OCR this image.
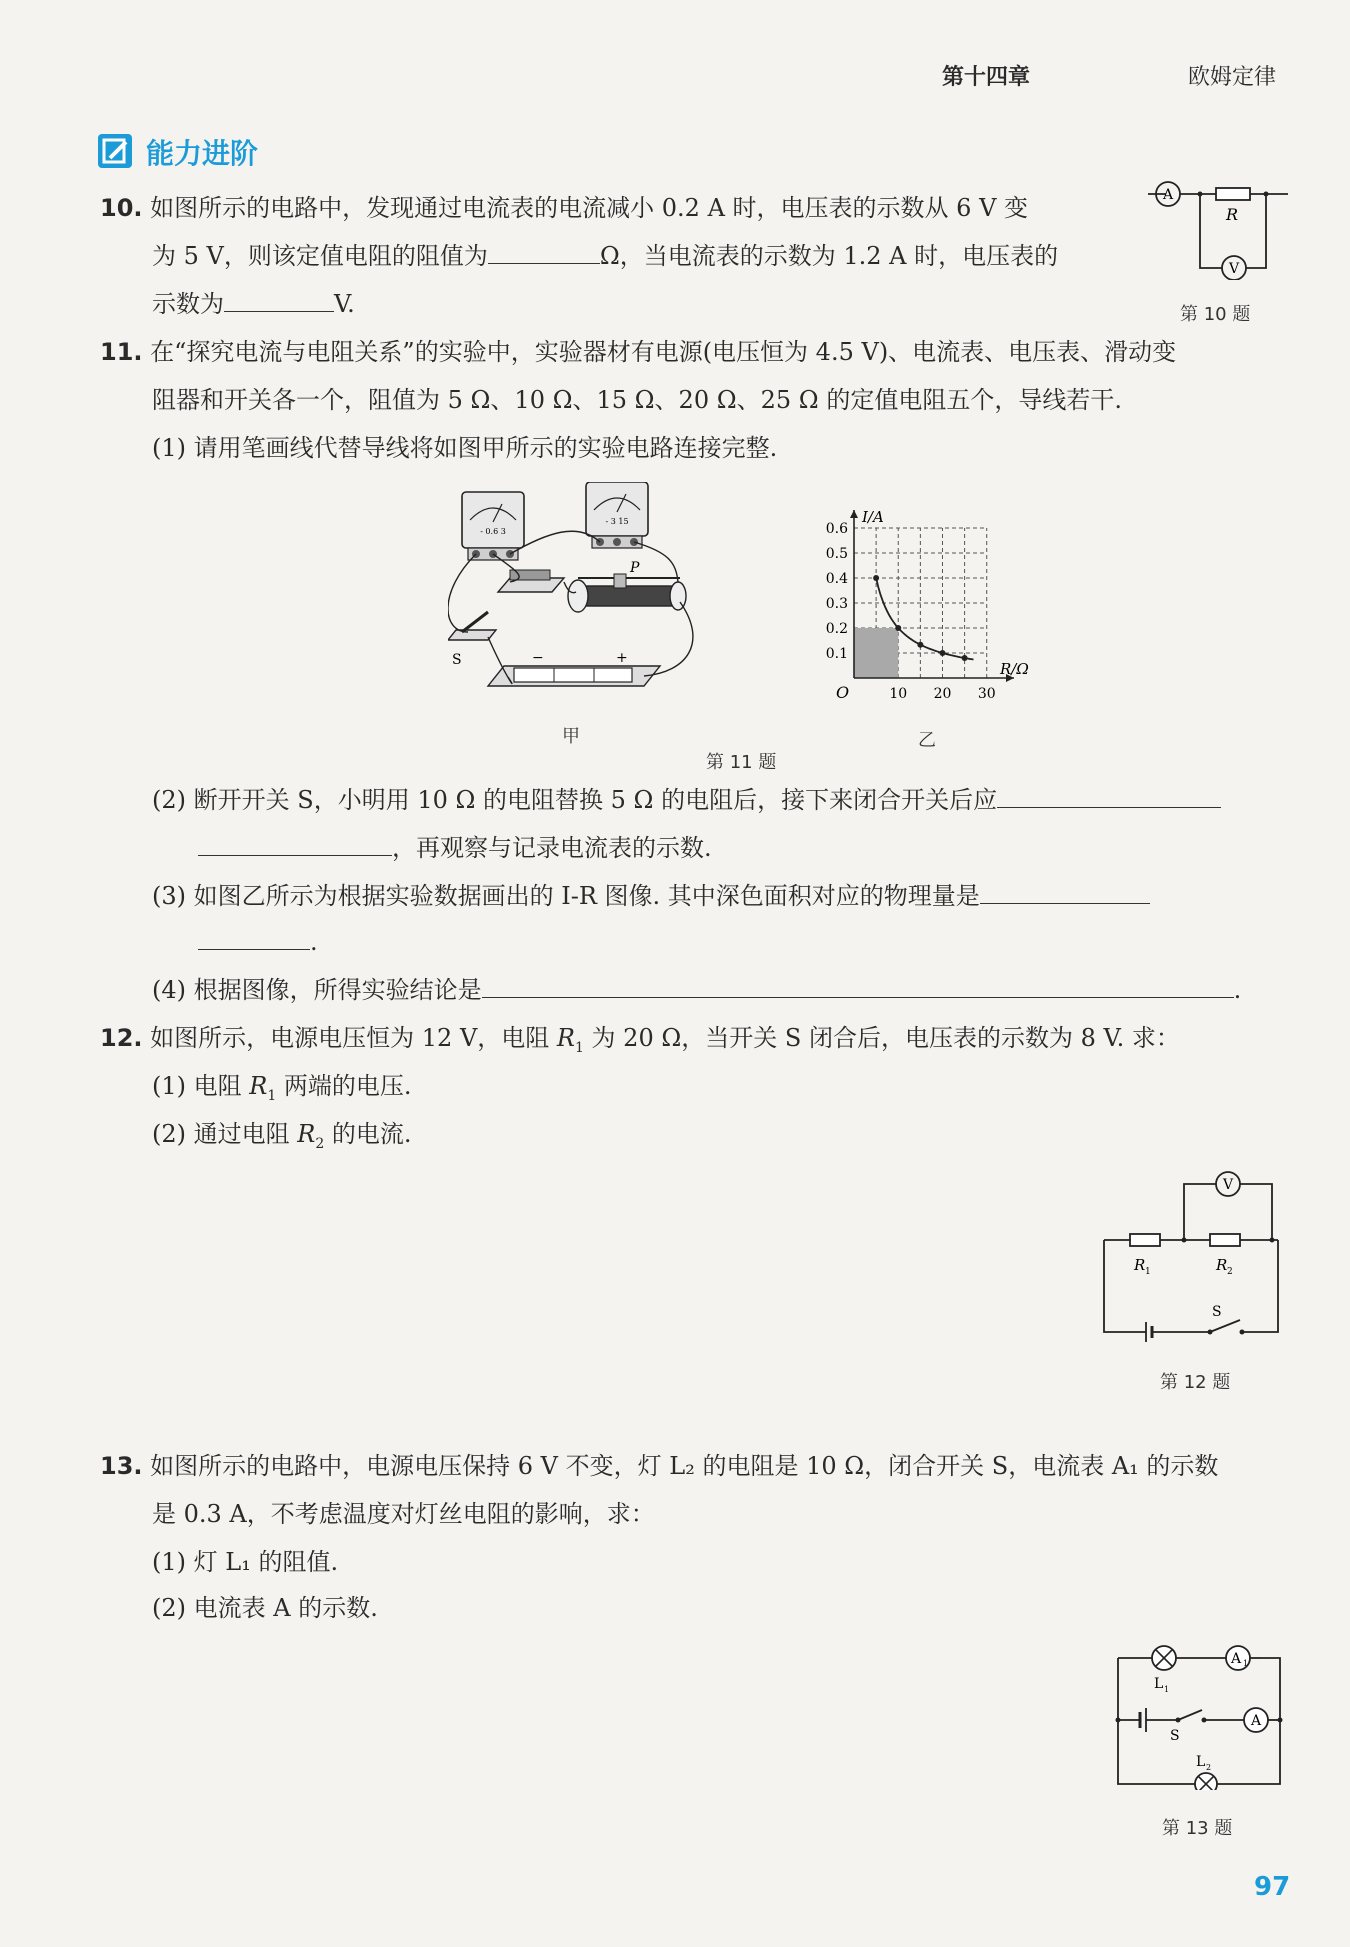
第十四章	欧姆定律
能力进阶
10. 如图所示的电路中，发现通过电流表的电流减小 0.2 A 时，电压表的示数从 6 V 变
为 5 V，则该定值电阻的阻值为	Ω，当电流表的示数为 1.2 A 时，电压表的
示数为	V.
A
R
V
第 10 题
11. 在“探究电流与电阻关系”的实验中，实验器材有电源(电压恒为 4.5 V)、电流表、电压表、滑动变
阻器和开关各一个，阻值为 5 Ω、10 Ω、15 Ω、20 Ω、25 Ω 的定值电阻五个，导线若干.
(1) 请用笔画线代替导线将如图甲所示的实验电路连接完整.
- 0.6 3
- 3 15
P
S	−	+
甲
0.1
0.2
0.3
0.4
0.5
0.6
10 20 30
I/A
R/Ω
O
乙
第 11 题
(2) 断开开关 S，小明用 10 Ω 的电阻替换 5 Ω 的电阻后，接下来闭合开关后应
，再观察与记录电流表的示数.
(3) 如图乙所示为根据实验数据画出的 I-R 图像. 其中深色面积对应的物理量是
.
(4) 根据图像，所得实验结论是	.
12. 如图所示，电源电压恒为 12 V，电阻 $R_1$ 为 20 Ω，当开关 S 闭合后，电压表的示数为 8 V. 求：
(1) 电阻 $R_1$ 两端的电压.
(2) 通过电阻 $R_2$ 的电流.
V
R 1	R 2
S
第 12 题
13. 如图所示的电路中，电源电压保持 6 V 不变，灯 L₂ 的电阻是 10 Ω，闭合开关 S，电流表 A₁ 的示数
是 0.3 A，不考虑温度对灯丝电阻的影响，求：
(1) 灯 L₁ 的阻值.
(2) 电流表 A 的示数.
A 1
L 1
S
A
L 2
第 13 题
97
